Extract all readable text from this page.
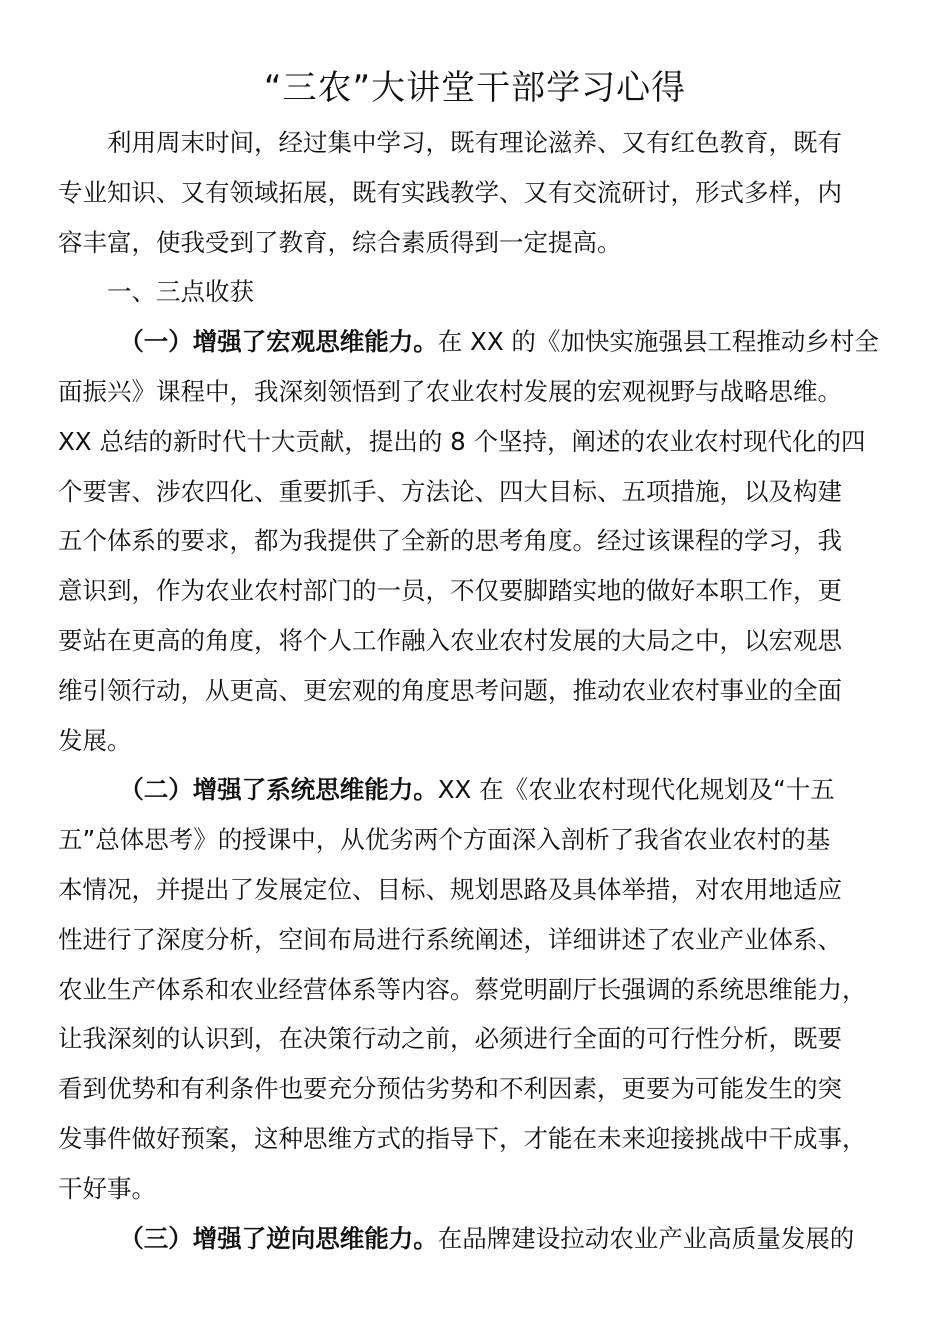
“三农”大讲堂干部学习心得

利用周末时间，经过集中学习，既有理论滋养、又有红色教育，既有
专业知识、又有领域拓展，既有实践教学、又有交流研讨，形式多样，内
容丰富，使我受到了教育，综合素质得到一定提高。

一、三点收获

（一）增强了宏观思维能力。在 XX 的《加快实施强县工程推动乡村全
面振兴》课程中，我深刻领悟到了农业农村发展的宏观视野与战略思维。
XX 总结的新时代十大贡献，提出的 8 个坚持，阐述的农业农村现代化的四
个要害、涉农四化、重要抓手、方法论、四大目标、五项措施，以及构建
五个体系的要求，都为我提供了全新的思考角度。经过该课程的学习，我
意识到，作为农业农村部门的一员，不仅要脚踏实地的做好本职工作，更
要站在更高的角度，将个人工作融入农业农村发展的大局之中，以宏观思
维引领行动，从更高、更宏观的角度思考问题，推动农业农村事业的全面
发展。

（二）增强了系统思维能力。XX 在《农业农村现代化规划及“十五
五”总体思考》的授课中，从优劣两个方面深入剖析了我省农业农村的基
本情况，并提出了发展定位、目标、规划思路及具体举措，对农用地适应
性进行了深度分析，空间布局进行系统阐述，详细讲述了农业产业体系、
农业生产体系和农业经营体系等内容。蔡党明副厅长强调的系统思维能力，
让我深刻的认识到，在决策行动之前，必须进行全面的可行性分析，既要
看到优势和有利条件也要充分预估劣势和不利因素，更要为可能发生的突
发事件做好预案，这种思维方式的指导下，才能在未来迎接挑战中干成事，
干好事。

（三）增强了逆向思维能力。在品牌建设拉动农业产业高质量发展的
